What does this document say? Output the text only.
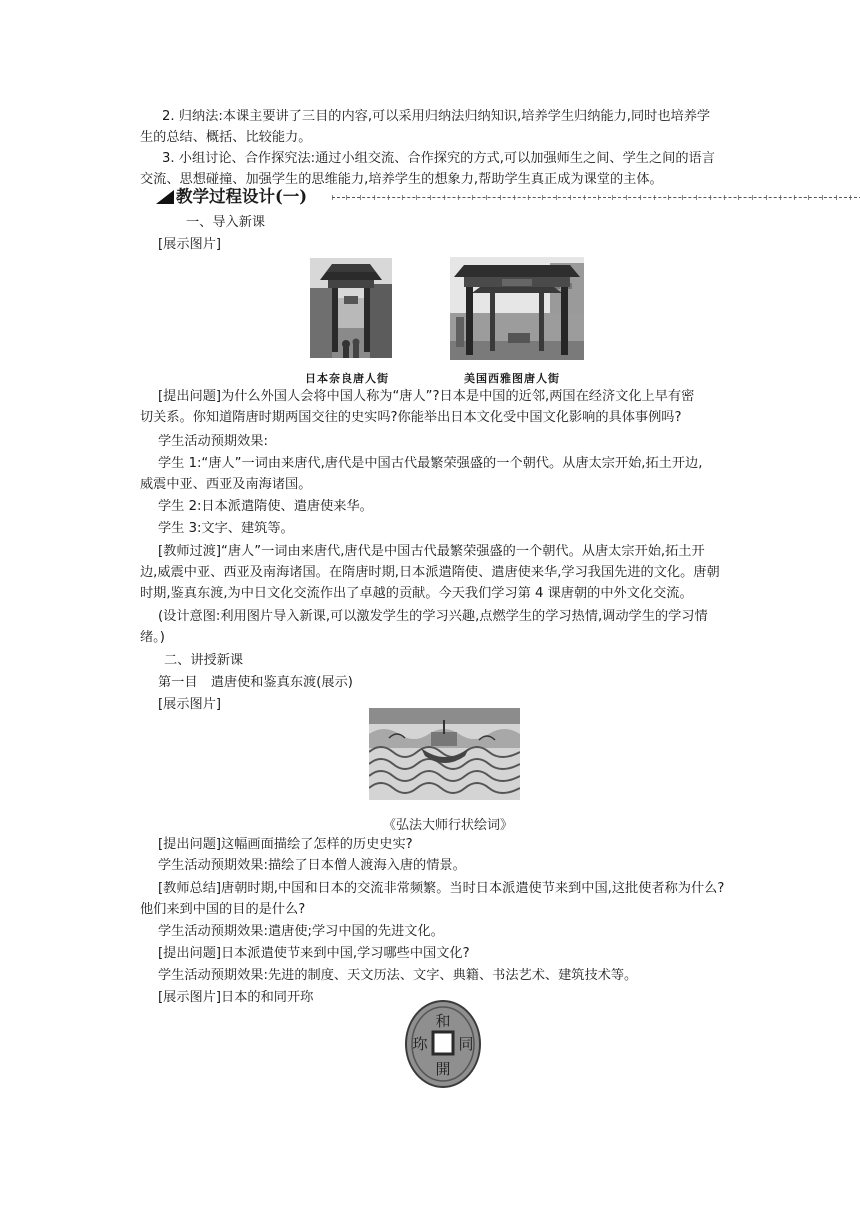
2. 归纳法:本课主要讲了三目的内容,可以采用归纳法归纳知识,培养学生归纳能力,同时也培养学

生的总结、概括、比较能力。

3. 小组讨论、合作探究法:通过小组交流、合作探究的方式,可以加强师生之间、学生之间的语言

交流、思想碰撞、加强学生的思维能力,培养学生的想象力,帮助学生真正成为课堂的主体。

教学过程设计(一)

一、导入新课

[展示图片]

日本奈良唐人街	美国西雅图唐人街

[提出问题]为什么外国人会将中国人称为“唐人”?日本是中国的近邻,两国在经济文化上早有密

切关系。你知道隋唐时期两国交往的史实吗?你能举出日本文化受中国文化影响的具体事例吗?

学生活动预期效果:

学生 1:“唐人”一词由来唐代,唐代是中国古代最繁荣强盛的一个朝代。从唐太宗开始,拓土开边,

威震中亚、西亚及南海诸国。

学生 2:日本派遣隋使、遣唐使来华。

学生 3:文字、建筑等。

[教师过渡]“唐人”一词由来唐代,唐代是中国古代最繁荣强盛的一个朝代。从唐太宗开始,拓土开

边,威震中亚、西亚及南海诸国。在隋唐时期,日本派遣隋使、遣唐使来华,学习我国先进的文化。唐朝

时期,鉴真东渡,为中日文化交流作出了卓越的贡献。今天我们学习第 4 课唐朝的中外文化交流。

(设计意图:利用图片导入新课,可以激发学生的学习兴趣,点燃学生的学习热情,调动学生的学习情

绪。)

二、讲授新课

第一目　遣唐使和鉴真东渡(展示)

[展示图片]

《弘法大师行状绘词》

[提出问题]这幅画面描绘了怎样的历史史实?

学生活动预期效果:描绘了日本僧人渡海入唐的情景。

[教师总结]唐朝时期,中国和日本的交流非常频繁。当时日本派遣使节来到中国,这批使者称为什么?

他们来到中国的目的是什么?

学生活动预期效果:遣唐使;学习中国的先进文化。

[提出问题]日本派遣使节来到中国,学习哪些中国文化?

学生活动预期效果:先进的制度、天文历法、文字、典籍、书法艺术、建筑技术等。

[展示图片]日本的和同开珎

和
同
開
珎
